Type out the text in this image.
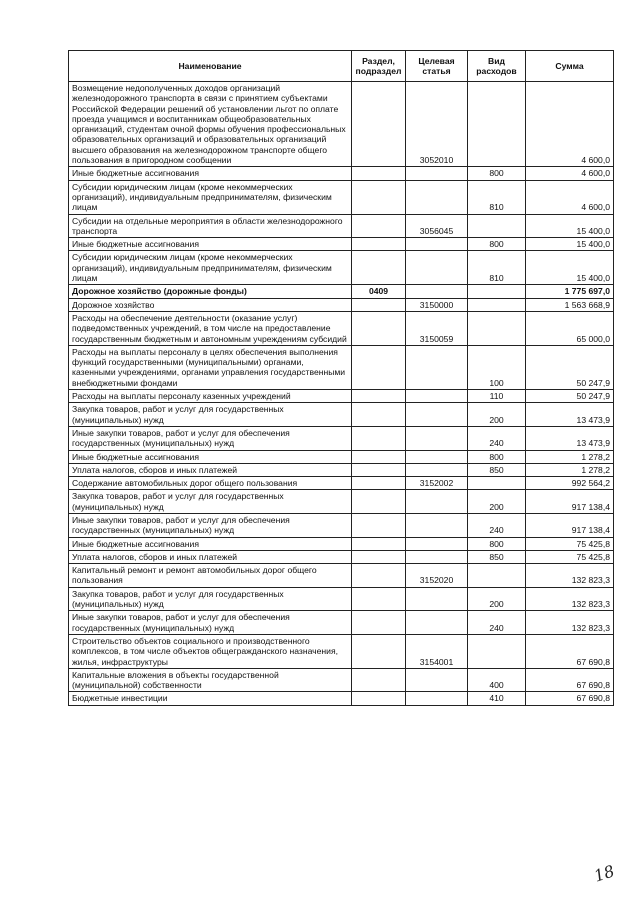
Наименование	Раздел, подраздел	Целевая статья	Вид расходов	Сумма
Возмещение недополученных доходов организаций железнодорожного транспорта в связи с принятием субъектами Российской Федерации решений об установлении льгот по оплате проезда учащимся и воспитанникам общеобразовательных организаций, студентам очной формы обучения профессиональных образовательных организаций и образовательных организаций высшего образования на железнодорожном транспорте общего пользования в пригородном сообщении		3052010		4 600,0
Иные бюджетные ассигнования			800	4 600,0
Субсидии юридическим лицам (кроме некоммерческих организаций), индивидуальным предпринимателям, физическим лицам			810	4 600,0
Субсидии на отдельные мероприятия в области железнодорожного транспорта		3056045		15 400,0
Иные бюджетные ассигнования			800	15 400,0
Субсидии юридическим лицам (кроме некоммерческих организаций), индивидуальным предпринимателям, физическим лицам			810	15 400,0
Дорожное хозяйство (дорожные фонды)	0409			1 775 697,0
Дорожное хозяйство		3150000		1 563 668,9
Расходы на обеспечение деятельности (оказание услуг) подведомственных учреждений, в том числе на предоставление государственным бюджетным и автономным учреждениям субсидий		3150059		65 000,0
Расходы на выплаты персоналу в целях обеспечения выполнения функций государственными (муниципальными) органами, казенными учреждениями, органами управления государственными внебюджетными фондами			100	50 247,9
Расходы на выплаты персоналу казенных учреждений			110	50 247,9
Закупка товаров, работ и услуг для государственных (муниципальных) нужд			200	13 473,9
Иные закупки товаров, работ и услуг для обеспечения государственных (муниципальных) нужд			240	13 473,9
Иные бюджетные ассигнования			800	1 278,2
Уплата налогов, сборов и иных платежей			850	1 278,2
Содержание автомобильных дорог общего пользования		3152002		992 564,2
Закупка товаров, работ и услуг для государственных (муниципальных) нужд			200	917 138,4
Иные закупки товаров, работ и услуг для обеспечения государственных (муниципальных) нужд			240	917 138,4
Иные бюджетные ассигнования			800	75 425,8
Уплата налогов, сборов и иных платежей			850	75 425,8
Капитальный ремонт и ремонт автомобильных дорог общего пользования		3152020		132 823,3
Закупка товаров, работ и услуг для государственных (муниципальных) нужд			200	132 823,3
Иные закупки товаров, работ и услуг для обеспечения государственных (муниципальных) нужд			240	132 823,3
Строительство объектов социального и производственного комплексов, в том числе объектов общегражданского назначения, жилья, инфраструктуры		3154001		67 690,8
Капитальные вложения в объекты государственной (муниципальной) собственности			400	67 690,8
Бюджетные инвестиции			410	67 690,8
18
